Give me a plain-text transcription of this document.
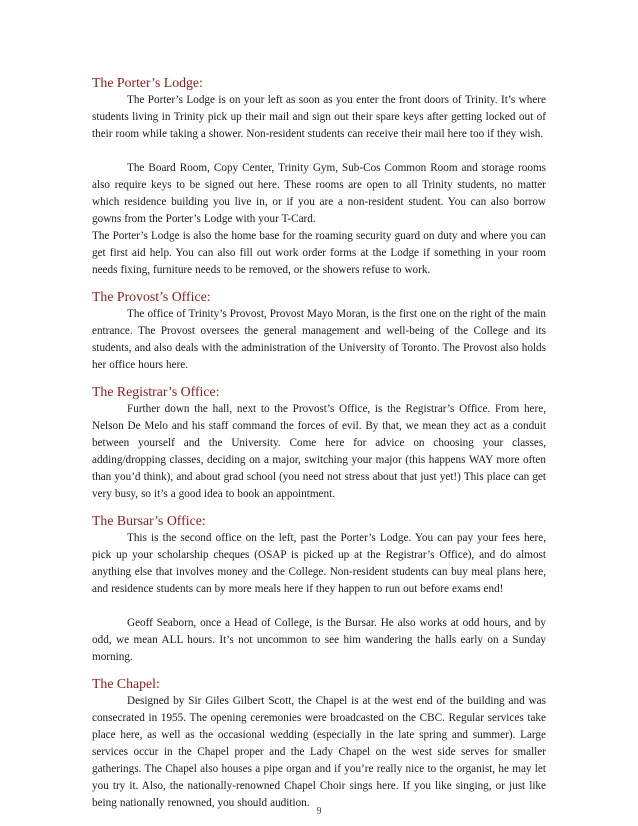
The Porter’s Lodge:

The Porter’s Lodge is on your left as soon as you enter the front doors of Trinity. It’s where students living in Trinity pick up their mail and sign out their spare keys after getting locked out of their room while taking a shower. Non-resident students can receive their mail here too if they wish.

The Board Room, Copy Center, Trinity Gym, Sub-Cos Common Room and storage rooms also require keys to be signed out here. These rooms are open to all Trinity students, no matter which residence building you live in, or if you are a non-resident student. You can also borrow gowns from the Porter’s Lodge with your T-Card.

The Porter’s Lodge is also the home base for the roaming security guard on duty and where you can get first aid help. You can also fill out work order forms at the Lodge if something in your room needs fixing, furniture needs to be removed, or the showers refuse to work.

The Provost’s Office:

The office of Trinity’s Provost, Provost Mayo Moran, is the first one on the right of the main entrance. The Provost oversees the general management and well-being of the College and its students, and also deals with the administration of the University of Toronto. The Provost also holds her office hours here.

The Registrar’s Office:

Further down the hall, next to the Provost’s Office, is the Registrar’s Office. From here, Nelson De Melo and his staff command the forces of evil. By that, we mean they act as a conduit between yourself and the University. Come here for advice on choosing your classes, adding/dropping classes, deciding on a major, switching your major (this happens WAY more often than you’d think), and about grad school (you need not stress about that just yet!) This place can get very busy, so it’s a good idea to book an appointment.

The Bursar’s Office:

This is the second office on the left, past the Porter’s Lodge. You can pay your fees here, pick up your scholarship cheques (OSAP is picked up at the Registrar’s Office), and do almost anything else that involves money and the College. Non-resident students can buy meal plans here, and residence students can by more meals here if they happen to run out before exams end!

Geoff Seaborn, once a Head of College, is the Bursar. He also works at odd hours, and by odd, we mean ALL hours. It’s not uncommon to see him wandering the halls early on a Sunday morning.

The Chapel:

Designed by Sir Giles Gilbert Scott, the Chapel is at the west end of the building and was consecrated in 1955. The opening ceremonies were broadcasted on the CBC. Regular services take place here, as well as the occasional wedding (especially in the late spring and summer). Large services occur in the Chapel proper and the Lady Chapel on the west side serves for smaller gatherings. The Chapel also houses a pipe organ and if you’re really nice to the organist, he may let you try it. Also, the nationally-renowned Chapel Choir sings here. If you like singing, or just like being nationally renowned, you should audition.

9
